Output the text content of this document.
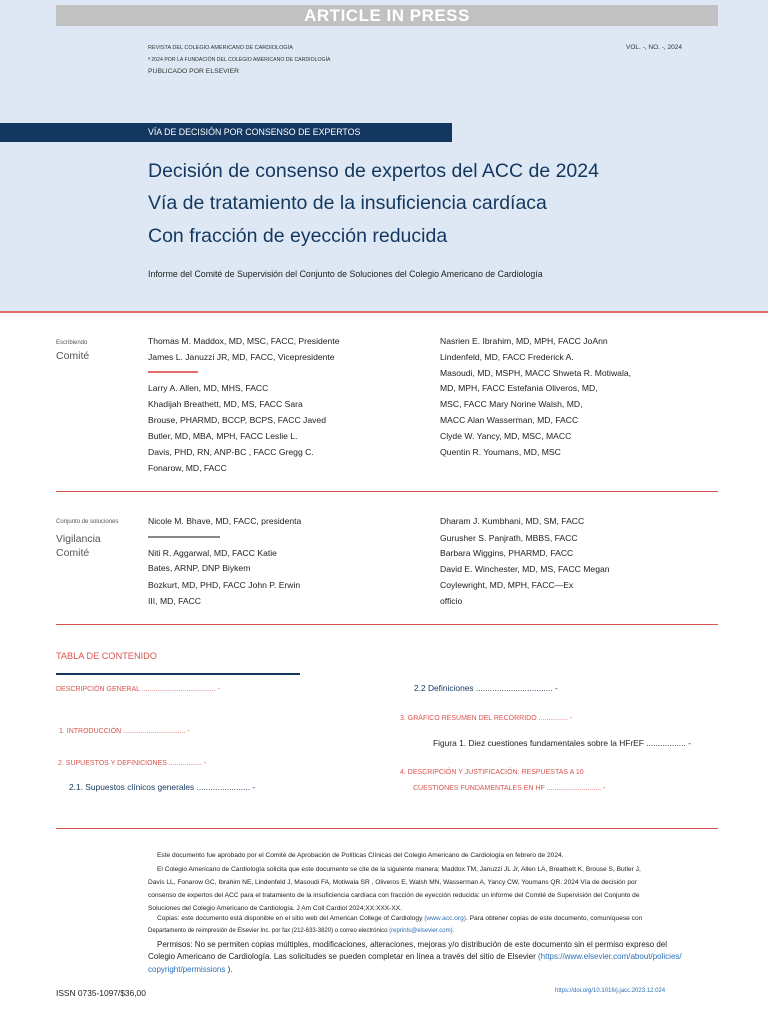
ARTICLE IN PRESS
REVISTA DEL COLEGIO AMERICANO DE CARDIOLOGÍA
ª 2024 POR LA FUNDACIÓN DEL COLEGIO AMERICANO DE CARDIOLOGÍA
PUBLICADO POR ELSEVIER
VOL. -, NO. -, 2024
VÍA DE DECISIÓN POR CONSENSO DE EXPERTOS
Decisión de consenso de expertos del ACC de 2024
Vía de tratamiento de la insuficiencia cardíaca
Con fracción de eyección reducida
Informe del Comité de Supervisión del Conjunto de Soluciones del Colegio Americano de Cardiología
Escribiendo
Comité
Thomas M. Maddox, MD, MSC, FACC, Presidente
James L. Januzzi JR, MD, FACC, Vicepresidente
Larry A. Allen, MD, MHS, FACC
Khadijah Breathett, MD, MS, FACC Sara
Brouse, PHARMD, BCCP, BCPS, FACC Javed
Butler, MD, MBA, MPH, FACC Leslie L.
Davis, PHD, RN, ANP-BC , FACC Gregg C.
Fonarow, MD, FACC
Nasrien E. Ibrahim, MD, MPH, FACC JoAnn
Lindenfeld, MD, FACC Frederick A.
Masoudi, MD, MSPH, MACC Shweta R. Motiwala,
MD, MPH, FACC Estefania Oliveros, MD,
MSC, FACC Mary Norine Walsh, MD,
MACC Alan Wasserman, MD, FACC
Clyde W. Yancy, MD, MSC, MACC
Quentin R. Youmans, MD, MSC
Conjunto de soluciones
Vigilancia
Comité
Nicole M. Bhave, MD, FACC, presidenta
Niti R. Aggarwal, MD, FACC Katie
Bates, ARNP, DNP Biykem
Bozkurt, MD, PHD, FACC John P. Erwin
III, MD, FACC
Dharam J. Kumbhani, MD, SM, FACC
Gurusher S. Panjrath, MBBS, FACC
Barbara Wiggins, PHARMD, FACC
David E. Winchester, MD, MS, FACC Megan
Coylewright, MD, MPH, FACC—Ex
officio
TABLA DE CONTENIDO
DESCRIPCIÓN GENERAL ...................................... -
1. INTRODUCCIÓN ................................ -
2. SUPUESTOS Y DEFINICIONES ................. -
2.1. Supuestos clínicos generales ....................... -
2.2 Definiciones ................................. -
3. GRÁFICO RESUMEN DEL RECORRIDO ............... -
Figura 1. Diez cuestiones fundamentales sobre la HFrEF ................. -
4. DESCRIPCIÓN Y JUSTIFICACIÓN: RESPUESTAS A 10
CUESTIONES FUNDAMENTALES EN HF ............................ -
Este documento fue aprobado por el Comité de Aprobación de Políticas Clínicas del Colegio Americano de Cardiología en febrero de 2024.
El Colegio Americano de Cardiología solicita que este documento se cite de la siguiente manera: Maddox TM, Januzzi JL Jr, Allen LA, Breathett K, Brouse S, Butler J,
Davis LL, Fonarow GC, Ibrahim NE, Lindenfeld J, Masoudi FA, Motiwala SR , Oliveros E, Walsh MN, Wasserman A, Yancy CW, Youmans QR. 2024 Vía de decisión por
consenso de expertos del ACC para el tratamiento de la insuficiencia cardíaca con fracción de eyección reducida: un informe del Comité de Supervisión del Conjunto de
Soluciones del Colegio Americano de Cardiología. J Am Coll Cardiol 2024;XX:XXX-XX.
Copias: este documento está disponible en el sitio web del American College of Cardiology (www.acc.org). Para obtener copias de este documento, comuníquese con
Departamento de reimpresión de Elsevier Inc. por fax (212-633-3820) o correo electrónico (reprints@elsevier.com).
Permisos: No se permiten copias múltiples, modificaciones, alteraciones, mejoras y/o distribución de este documento sin el permiso expreso del
Colegio Americano de Cardiología. Las solicitudes se pueden completar en línea a través del sitio de Elsevier (https://www.elsevier.com/about/policies/
copyright/permissions ).
ISSN 0735-1097/$36,00	https://doi.org/10.1016/j.jacc.2023.12.024
